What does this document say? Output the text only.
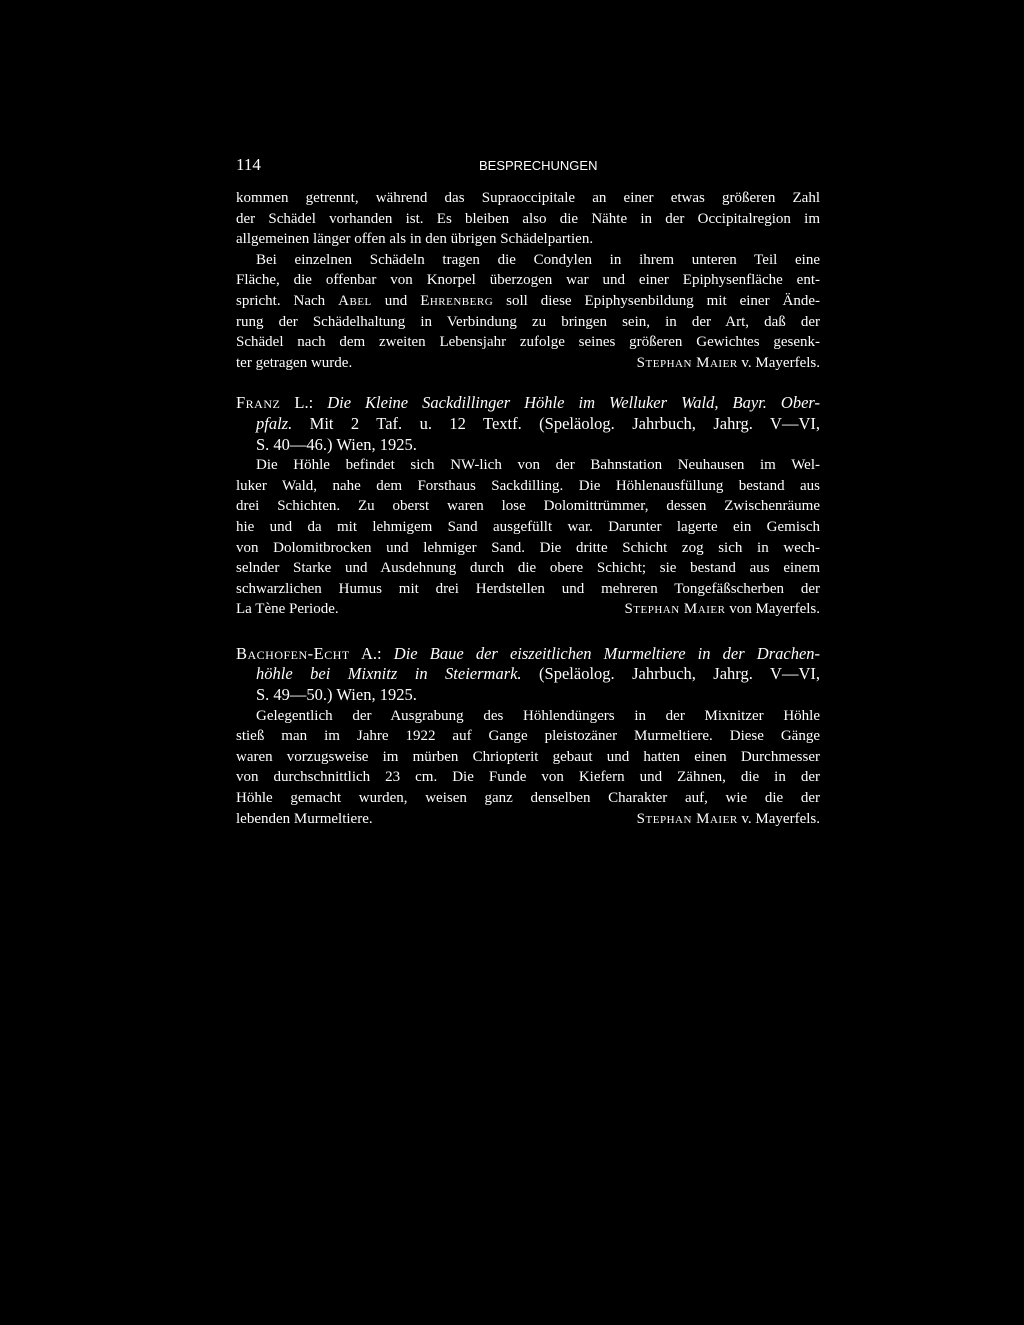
114	BESPRECHUNGEN
kommen getrennt, während das Supraoccipitale an einer etwas größeren Zahl
der Schädel vorhanden ist. Es bleiben also die Nähte in der Occipitalregion im
allgemeinen länger offen als in den übrigen Schädelpartien.
Bei einzelnen Schädeln tragen die Condylen in ihrem unteren Teil eine
Fläche, die offenbar von Knorpel überzogen war und einer Epiphysenfläche ent-
spricht. Nach Abel und Ehrenberg soll diese Epiphysenbildung mit einer Ände-
rung der Schädelhaltung in Verbindung zu bringen sein, in der Art, daß der
Schädel nach dem zweiten Lebensjahr zufolge seines größeren Gewichtes gesenk-
ter getragen wurde.	Stephan Maier v. Mayerfels.
Franz L.: Die Kleine Sackdillinger Höhle im Welluker Wald, Bayr. Ober-
pfalz. Mit 2 Taf. u. 12 Textf. (Speläolog. Jahrbuch, Jahrg. V—VI,
S. 40—46.) Wien, 1925.
Die Höhle befindet sich NW-lich von der Bahnstation Neuhausen im Wel-
luker Wald, nahe dem Forsthaus Sackdilling. Die Höhlenausfüllung bestand aus
drei Schichten. Zu oberst waren lose Dolomittrümmer, dessen Zwischenräume
hie und da mit lehmigem Sand ausgefüllt war. Darunter lagerte ein Gemisch
von Dolomitbrocken und lehmiger Sand. Die dritte Schicht zog sich in wech-
selnder Starke und Ausdehnung durch die obere Schicht; sie bestand aus einem
schwarzlichen Humus mit drei Herdstellen und mehreren Tongefäßscherben der
La Tène Periode.	Stephan Maier von Mayerfels.
Bachofen-Echt A.: Die Baue der eiszeitlichen Murmeltiere in der Drachen-
höhle bei Mixnitz in Steiermark. (Speläolog. Jahrbuch, Jahrg. V—VI,
S. 49—50.) Wien, 1925.
Gelegentlich der Ausgrabung des Höhlendüngers in der Mixnitzer Höhle
stieß man im Jahre 1922 auf Gange pleistozäner Murmeltiere. Diese Gänge
waren vorzugsweise im mürben Chriopterit gebaut und hatten einen Durchmesser
von durchschnittlich 23 cm. Die Funde von Kiefern und Zähnen, die in der
Höhle gemacht wurden, weisen ganz denselben Charakter auf, wie die der
lebenden Murmeltiere.	Stephan Maier v. Mayerfels.
